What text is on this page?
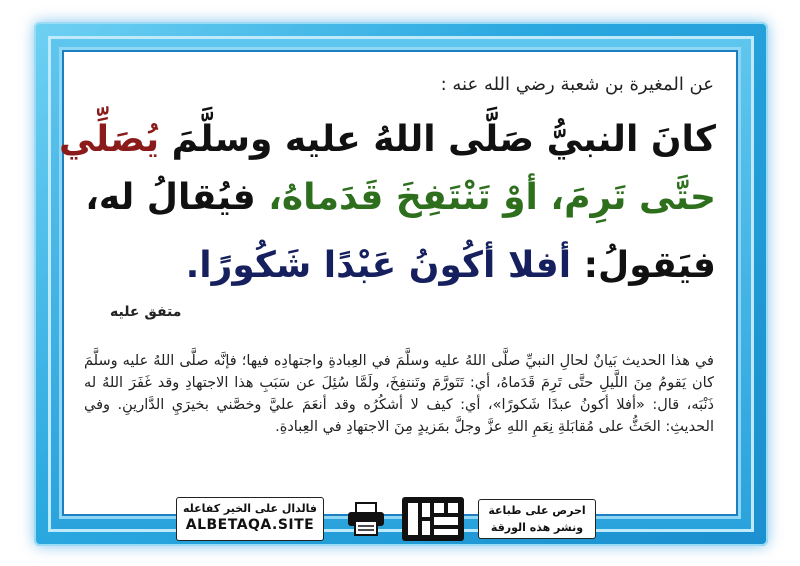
عن المغيرة بن شعبة رضي الله عنه :
كانَ النبيُّ صَلَّى اللهُ عليه وسلَّمَ يُصَلِّي
حتَّى تَرِمَ، أوْ تَنْتَفِخَ قَدَماهُ، فيُقالُ له،
فيَقولُ: أفلا أكُونُ عَبْدًا شَكُورًا.
متفق عليه
في هذا الحديث بَيانٌ لحالِ النبيِّ صلَّى اللهُ عليه وسلَّمَ في العِبادةِ واجتهادِه فيها؛ فإنَّه صلَّى اللهُ عليه وسلَّمَ كان يَقومُ مِنَ اللَّيلِ حتَّى تَرِمَ قَدَماهُ، أي: تَتَورَّمَ وتَنتفِخَ، ولَمَّا سُئِلَ عن سَبَبِ هذا الاجتهادِ وقد غَفَرَ اللهُ له ذَنْبَه، قال: «أفلا أكونُ عبدًا شَكورًا»، أي: كيف لا أشكُرُه وقد أنعَمَ عليَّ وخصَّني بخيرَيِ الدَّارينِ. وفي الحديثِ: الحَثُّ على مُقابَلةِ نِعَمِ اللهِ عزَّ وجلَّ بمَزيدٍ مِنَ الاجتهادِ في العِبادةِ.
فالدال على الخير كفاعله
ALBETAQA.SITE
احرص على طباعة
ونشر هذه الورقة
